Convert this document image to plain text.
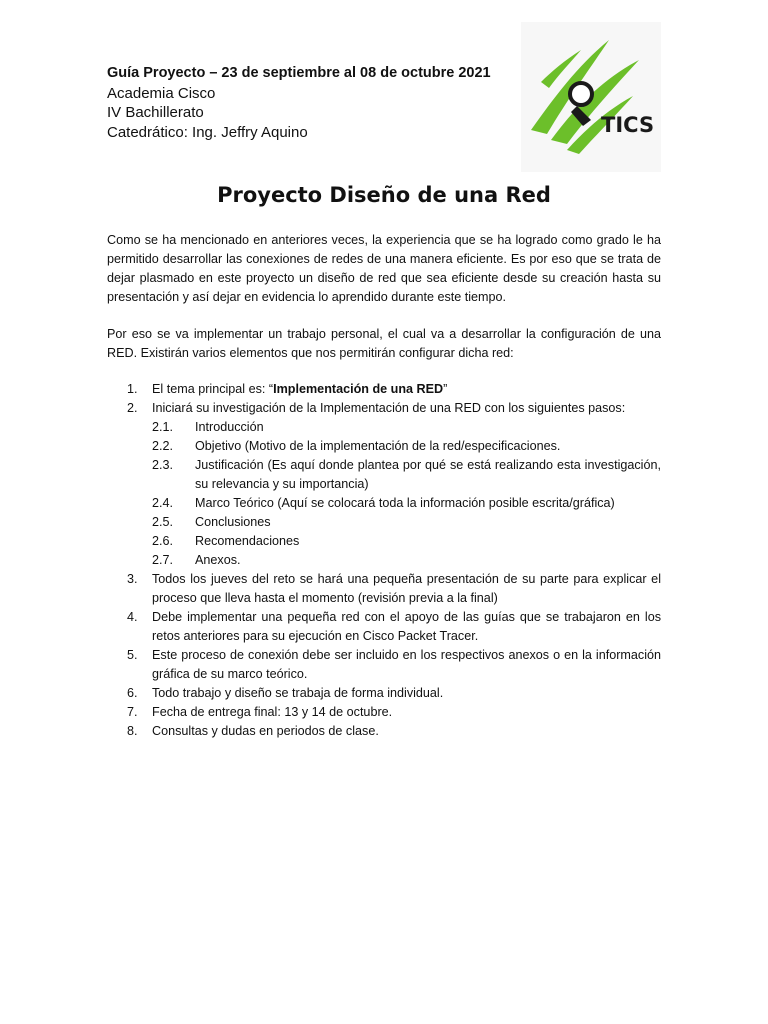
Guía Proyecto – 23 de septiembre al 08 de octubre 2021
Academia Cisco
IV Bachillerato
Catedrático: Ing. Jeffry Aquino	TICS
Proyecto Diseño de una Red
Como se ha mencionado en anteriores veces, la experiencia que se ha logrado como grado le ha permitido desarrollar las conexiones de redes de una manera eficiente. Es por eso que se trata de dejar plasmado en este proyecto un diseño de red que sea eficiente desde su creación hasta su presentación y así dejar en evidencia lo aprendido durante este tiempo.
Por eso se va implementar un trabajo personal, el cual va a desarrollar la configuración de una RED. Existirán varios elementos que nos permitirán configurar dicha red:
1. El tema principal es: “Implementación de una RED”
2. Iniciará su investigación de la Implementación de una RED con los siguientes pasos:
2.1. Introducción
2.2. Objetivo (Motivo de la implementación de la red/especificaciones.
2.3. Justificación (Es aquí donde plantea por qué se está realizando esta investigación, su relevancia y su importancia)
2.4. Marco Teórico (Aquí se colocará toda la información posible escrita/gráfica)
2.5. Conclusiones
2.6. Recomendaciones
2.7. Anexos.
3. Todos los jueves del reto se hará una pequeña presentación de su parte para explicar el proceso que lleva hasta el momento (revisión previa a la final)
4. Debe implementar una pequeña red con el apoyo de las guías que se trabajaron en los retos anteriores para su ejecución en Cisco Packet Tracer.
5. Este proceso de conexión debe ser incluido en los respectivos anexos o en la información gráfica de su marco teórico.
6. Todo trabajo y diseño se trabaja de forma individual.
7. Fecha de entrega final: 13 y 14 de octubre.
8. Consultas y dudas en periodos de clase.
